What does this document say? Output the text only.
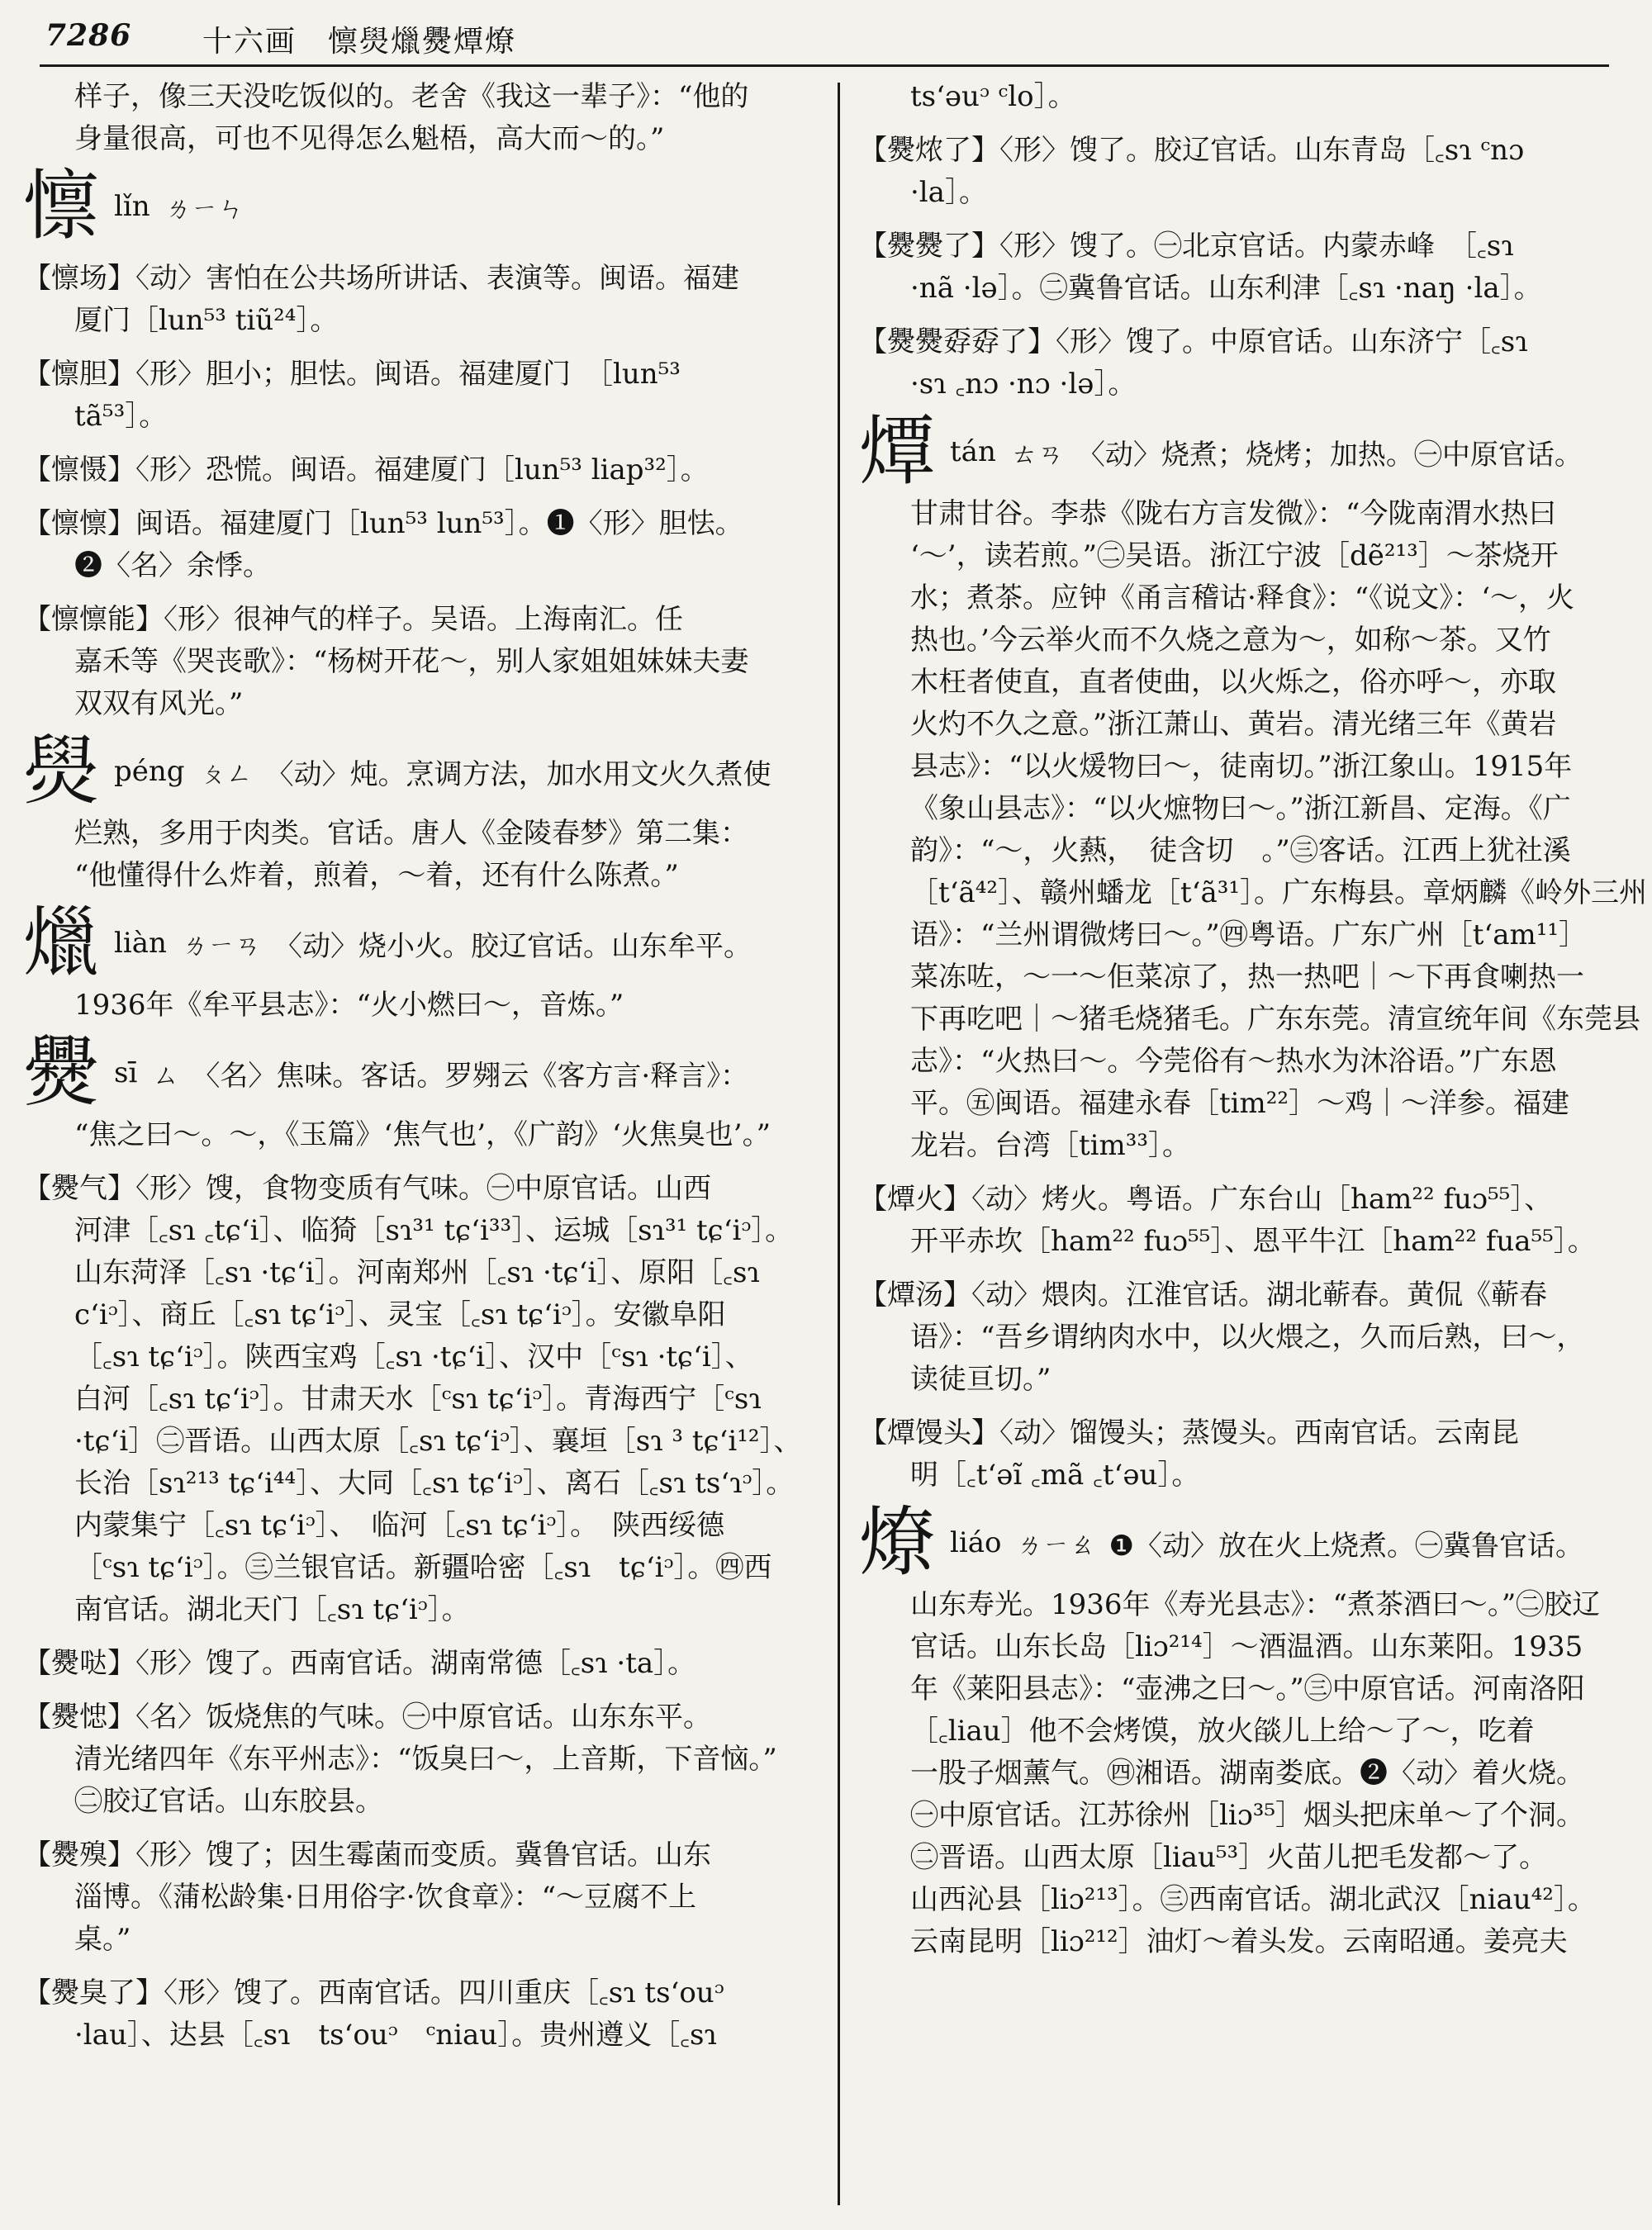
7286 十六画　懔燢爉㸑燂燎

样子，像三天没吃饭似的。老舍《我这一辈子》：“他的

身量很高，可也不见得怎么魁梧，高大而～的。”

懔lǐn ㄌㄧㄣ

【懔场】〈动〉害怕在公共场所讲话、表演等。闽语。福建

厦门［lun⁵³ tiũ²⁴］。

【懔胆】〈形〉胆小；胆怯。闽语。福建厦门　［lun⁵³

tã⁵³］。

【懔慑】〈形〉恐慌。闽语。福建厦门［lun⁵³ liap³²］。

【懔懔】闽语。福建厦门［lun⁵³ lun⁵³］。❶〈形〉胆怯。

❷〈名〉余悸。

【懔懔能】〈形〉很神气的样子。吴语。上海南汇。任

嘉禾等《哭丧歌》：“杨树开花～，别人家姐姐妹妹夫妻

双双有风光。”

燢péng ㄆㄥ 〈动〉炖。烹调方法，加水用文火久煮使

烂熟，多用于肉类。官话。唐人《金陵春梦》第二集：

“他懂得什么炸着，煎着，～着，还有什么陈煮。”

爉liàn ㄌㄧㄢ 〈动〉烧小火。胶辽官话。山东牟平。

1936年《牟平县志》：“火小燃曰～，音炼。”

㸑sī ㄙ 〈名〉焦味。客话。罗翙云《客方言·释言》：

“焦之曰～。～，《玉篇》‘焦气也’，《广韵》‘火焦臭也’。”

【㸑气】〈形〉馊，食物变质有气味。㊀中原官话。山西

河津［꜀sɿ ꜀tɕʻi］、临猗［sɿ³¹ tɕʻi³³］、运城［sɿ³¹ tɕʻiᵓ］。

山东菏泽［꜀sɿ ·tɕʻi］。河南郑州［꜀sɿ ·tɕʻi］、原阳［꜀sɿ

cʻiᵓ］、商丘［꜀sɿ tɕʻiᵓ］、灵宝［꜀sɿ tɕʻiᵓ］。安徽阜阳

［꜀sɿ tɕʻiᵓ］。陕西宝鸡［꜀sɿ ·tɕʻi］、汉中［ᶜsɿ ·tɕʻi］、

白河［꜀sɿ tɕʻiᵓ］。甘肃天水［ᶜsɿ tɕʻiᵓ］。青海西宁［ᶜsɿ

·tɕʻi］㊁晋语。山西太原［꜀sɿ tɕʻiᵓ］、襄垣［sɿ ³ tɕʻi¹²］、

长治［sɿ²¹³ tɕʻi⁴⁴］、大同［꜀sɿ tɕʻiᵓ］、离石［꜀sɿ tsʻɿᵓ］。

内蒙集宁［꜀sɿ tɕʻiᵓ］、　临河［꜀sɿ tɕʻiᵓ］。　陕西绥德

［ᶜsɿ tɕʻiᵓ］。㊂兰银官话。新疆哈密［꜀sɿ　tɕʻiᵓ］。㊃西

南官话。湖北天门［꜀sɿ tɕʻiᵓ］。

【㸑哒】〈形〉馊了。西南官话。湖南常德［꜀sɿ ·ta］。

【㸑㥙】〈名〉饭烧焦的气味。㊀中原官话。山东东平。

清光绪四年《东平州志》：“饭臭曰～，上音斯，下音恼。”

㊁胶辽官话。山东胶县。

【㸑殠】〈形〉馊了；因生霉菌而变质。冀鲁官话。山东

淄博。《蒲松龄集·日用俗字·饮食章》：“～豆腐不上

桌。”

【㸑臭了】〈形〉馊了。西南官话。四川重庆［꜀sɿ tsʻouᵓ

·lau］、达县［꜀sɿ　tsʻouᵓ　ᶜniau］。贵州遵义［꜀sɿ

tsʻəuᵓ ᶜlo］。

【㸑㶶了】〈形〉馊了。胶辽官话。山东青岛［꜀sɿ ᶜnɔ

·la］。

【㸑㸑了】〈形〉馊了。㊀北京官话。内蒙赤峰　［꜀sɿ

·nã ·lə］。㊁冀鲁官话。山东利津［꜀sɿ ·naŋ ·la］。

【㸑㸑孬孬了】〈形〉馊了。中原官话。山东济宁［꜀sɿ

·sɿ ꜀nɔ ·nɔ ·lə］。

燂tán ㄊㄢ 〈动〉烧煮；烧烤；加热。㊀中原官话。

甘肃甘谷。李恭《陇右方言发微》：“今陇南渭水热曰

‘～’，读若煎。”㊁吴语。浙江宁波［dẽ²¹³］～茶烧开

水；煮茶。应钟《甬言稽诂·释食》：“《说文》：‘～，火

热也。’今云举火而不久烧之意为～，如称～茶。又竹

木枉者使直，直者使曲，以火烁之，俗亦呼～，亦取

火灼不久之意。”浙江萧山、黄岩。清光绪三年《黄岩

县志》：“以火煖物曰～，徒南切。”浙江象山。1915年

《象山县志》：“以火熫物曰～。”浙江新昌、定海。《广

韵》：“～，火爇，　徒含切　。”㊂客话。江西上犹社溪

［tʻã⁴²］、赣州蟠龙［tʻã³¹］。广东梅县。章炳麟《岭外三州

语》：“兰州谓微烤曰～。”㊃粤语。广东广州［tʻam¹¹］

菜冻咗，～一～佢菜凉了，热一热吧｜～下再食喇热一

下再吃吧｜～猪毛烧猪毛。广东东莞。清宣统年间《东莞县

志》：“火热曰～。今莞俗有～热水为沐浴语。”广东恩

平。㊄闽语。福建永春［tim²²］～鸡｜～洋参。福建

龙岩。台湾［tim³³］。

【燂火】〈动〉烤火。粤语。广东台山［ham²² fuɔ⁵⁵］、

开平赤坎［ham²² fuɔ⁵⁵］、恩平牛江［ham²² fua⁵⁵］。

【燂汤】〈动〉煨肉。江淮官话。湖北蕲春。黄侃《蕲春

语》：“吾乡谓纳肉水中，以火煨之，久而后熟，曰～，

读徒亘切。”

【燂馒头】〈动〉馏馒头；蒸馒头。西南官话。云南昆

明［꜀tʻəĩ ꜀mã ꜀tʻəu］。

燎liáo ㄌㄧㄠ ❶〈动〉放在火上烧煮。㊀冀鲁官话。

山东寿光。1936年《寿光县志》：“煮茶酒曰～。”㊁胶辽

官话。山东长岛［liɔ²¹⁴］～酒温酒。山东莱阳。1935

年《莱阳县志》：“壶沸之曰～。”㊂中原官话。河南洛阳

［꜀liau］他不会烤馍，放火燄儿上给～了～，吃着

一股子烟薰气。㊃湘语。湖南娄底。❷〈动〉着火烧。

㊀中原官话。江苏徐州［liɔ³⁵］烟头把床单～了个洞。

㊁晋语。山西太原［liau⁵³］火苗儿把毛发都～了。

山西沁县［liɔ²¹³］。㊂西南官话。湖北武汉［niau⁴²］。

云南昆明［liɔ²¹²］油灯～着头发。云南昭通。姜亮夫
